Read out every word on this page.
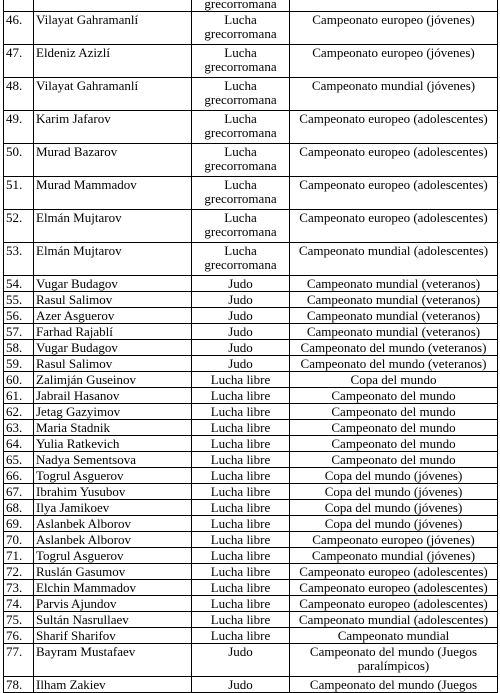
		grecorromana	
46.	Vilayat Gahramanlí	Lucha grecorromana	Campeonato europeo (jóvenes)
47.	Eldeniz Azizlí	Lucha grecorromana	Campeonato europeo (jóvenes)
48.	Vilayat Gahramanlí	Lucha grecorromana	Campeonato mundial (jóvenes)
49.	Karim Jafarov	Lucha grecorromana	Campeonato europeo (adolescentes)
50.	Murad Bazarov	Lucha grecorromana	Campeonato europeo (adolescentes)
51.	Murad Mammadov	Lucha grecorromana	Campeonato europeo (adolescentes)
52.	Elmán Mujtarov	Lucha grecorromana	Campeonato europeo (adolescentes)
53.	Elmán Mujtarov	Lucha grecorromana	Campeonato mundial (adolescentes)
54.	Vugar Budagov	Judo	Campeonato mundial (veteranos)
55.	Rasul Salimov	Judo	Campeonato mundial (veteranos)
56.	Azer Asguerov	Judo	Campeonato mundial (veteranos)
57.	Farhad Rajablí	Judo	Campeonato mundial (veteranos)
58.	Vugar Budagov	Judo	Campeonato del mundo (veteranos)
59.	Rasul Salimov	Judo	Campeonato del mundo (veteranos)
60.	Zalimján Guseinov	Lucha libre	Copa del mundo
61.	Jabrail Hasanov	Lucha libre	Campeonato del mundo
62.	Jetag Gazyimov	Lucha libre	Campeonato del mundo
63.	Maria Stadnik	Lucha libre	Campeonato del mundo
64.	Yulia Ratkevich	Lucha libre	Campeonato del mundo
65.	Nadya Sementsova	Lucha libre	Campeonato del mundo
66.	Togrul Asguerov	Lucha libre	Copa del mundo (jóvenes)
67.	Ibrahim Yusubov	Lucha libre	Copa del mundo (jóvenes)
68.	Ilya Jamikoev	Lucha libre	Copa del mundo (jóvenes)
69.	Aslanbek Alborov	Lucha libre	Copa del mundo (jóvenes)
70.	Aslanbek Alborov	Lucha libre	Campeonato europeo (jóvenes)
71.	Togrul Asguerov	Lucha libre	Campeonato mundial (jóvenes)
72.	Ruslán Gasumov	Lucha libre	Campeonato europeo (adolescentes)
73.	Elchin Mammadov	Lucha libre	Campeonato europeo (adolescentes)
74.	Parvis Ajundov	Lucha libre	Campeonato europeo (adolescentes)
75.	Sultán Nasrullaev	Lucha libre	Campeonato mundial (adolescentes)
76.	Sharif Sharifov	Lucha libre	Campeonato mundial
77.	Bayram Mustafaev	Judo	Campeonato del mundo (Juegos paralímpicos)
78.	Ilham Zakiev	Judo	Campeonato del mundo (Juegos
